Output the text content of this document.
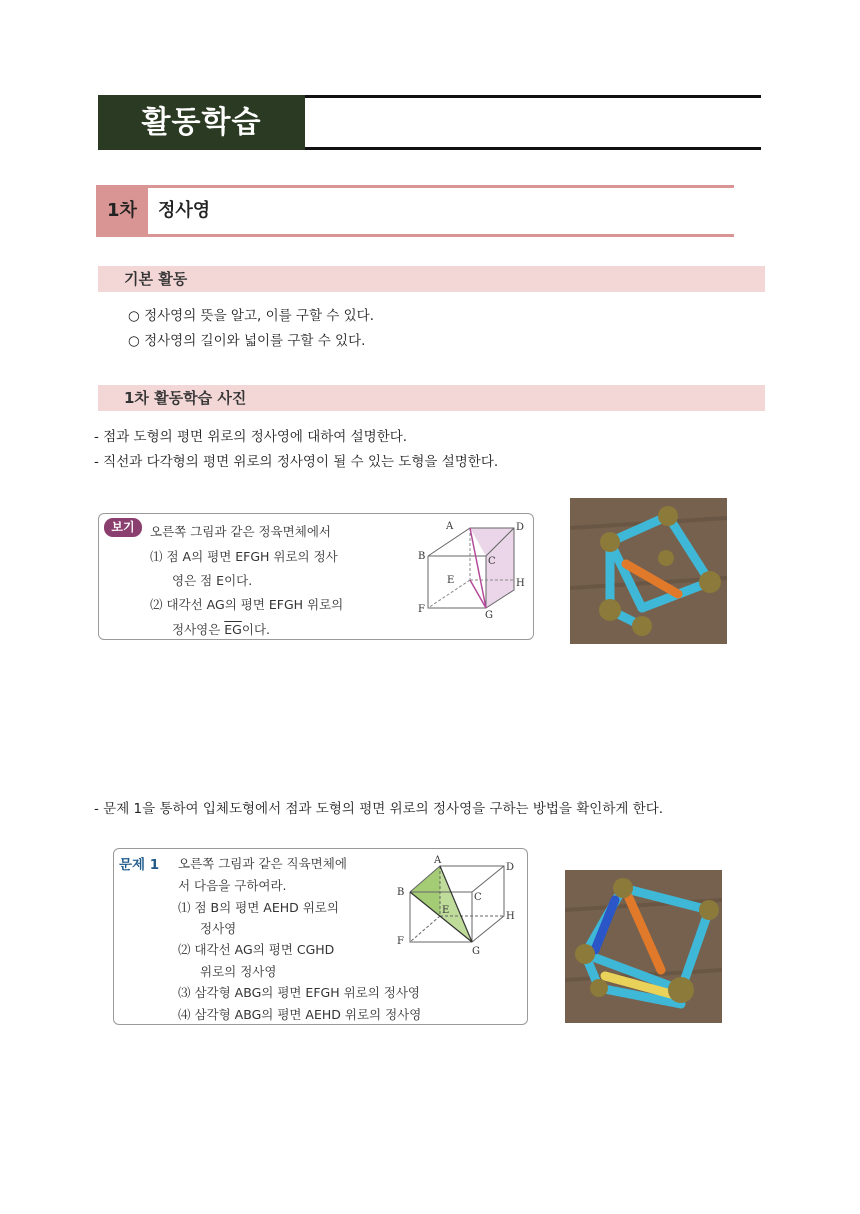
활동학습
1차	정사영
기본 활동
○ 정사영의 뜻을 알고, 이를 구할 수 있다.
○ 정사영의 길이와 넓이를 구할 수 있다.
1차 활동학습 사진
- 점과 도형의 평면 위로의 정사영에 대하여 설명한다.
- 직선과 다각형의 평면 위로의 정사영이 될 수 있는 도형을 설명한다.
보기	오른쪽 그림과 같은 정육면체에서
⑴ 점 A의 평면 EFGH 위로의 정사
영은 점 E이다.
⑵ 대각선 AG의 평면 EFGH 위로의
정사영은 $\overline{EG}$이다.
A	D
B	C
E	H
F
G
- 문제 1을 통하여 입체도형에서 점과 도형의 평면 위로의 정사영을 구하는 방법을 확인하게 한다.
문제 1 오른쪽 그림과 같은 직육면체에
서 다음을 구하여라.
⑴ 점 B의 평면 AEHD 위로의
정사영
⑵ 대각선 AG의 평면 CGHD
위로의 정사영
⑶ 삼각형 ABG의 평면 EFGH 위로의 정사영
⑷ 삼각형 ABG의 평면 AEHD 위로의 정사영
A
D
B	C
E
H
F
G
